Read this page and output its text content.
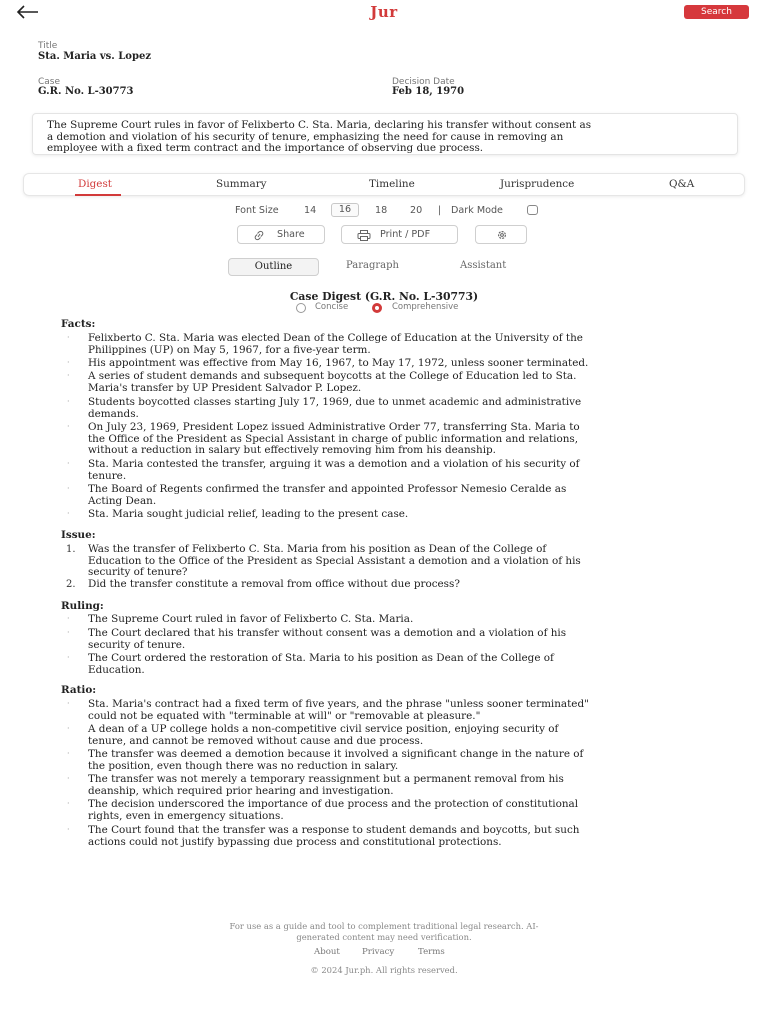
Jur	Search
Title
Sta. Maria vs. Lopez
Case
G.R. No. L-30773
Decision Date
Feb 18, 1970
The Supreme Court rules in favor of Felixberto C. Sta. Maria, declaring his transfer without consent as
a demotion and violation of his security of tenure, emphasizing the need for cause in removing an
employee with a fixed term contract and the importance of observing due process.
Digest	Summary	Timeline	Jurisprudence	Q&A
Font Size	14	16	18 20 | Dark Mode
Share	Print / PDF
Outline	Paragraph	Assistant
Case Digest (G.R. No. L-30773)
Concise	Comprehensive
Facts:
· Felixberto C. Sta. Maria was elected Dean of the College of Education at the University of the
Philippines (UP) on May 5, 1967, for a five-year term.
· His appointment was effective from May 16, 1967, to May 17, 1972, unless sooner terminated.
· A series of student demands and subsequent boycotts at the College of Education led to Sta.
Maria's transfer by UP President Salvador P. Lopez.
· Students boycotted classes starting July 17, 1969, due to unmet academic and administrative
demands.
· On July 23, 1969, President Lopez issued Administrative Order 77, transferring Sta. Maria to
the Office of the President as Special Assistant in charge of public information and relations,
without a reduction in salary but effectively removing him from his deanship.
· Sta. Maria contested the transfer, arguing it was a demotion and a violation of his security of
tenure.
· The Board of Regents confirmed the transfer and appointed Professor Nemesio Ceralde as
Acting Dean.
· Sta. Maria sought judicial relief, leading to the present case.
Issue:
1. Was the transfer of Felixberto C. Sta. Maria from his position as Dean of the College of
Education to the Office of the President as Special Assistant a demotion and a violation of his
security of tenure?
2. Did the transfer constitute a removal from office without due process?
Ruling:
· The Supreme Court ruled in favor of Felixberto C. Sta. Maria.
· The Court declared that his transfer without consent was a demotion and a violation of his
security of tenure.
· The Court ordered the restoration of Sta. Maria to his position as Dean of the College of
Education.
Ratio:
· Sta. Maria's contract had a fixed term of five years, and the phrase "unless sooner terminated"
could not be equated with "terminable at will" or "removable at pleasure."
· A dean of a UP college holds a non-competitive civil service position, enjoying security of
tenure, and cannot be removed without cause and due process.
· The transfer was deemed a demotion because it involved a significant change in the nature of
the position, even though there was no reduction in salary.
· The transfer was not merely a temporary reassignment but a permanent removal from his
deanship, which required prior hearing and investigation.
· The decision underscored the importance of due process and the protection of constitutional
rights, even in emergency situations.
· The Court found that the transfer was a response to student demands and boycotts, but such
actions could not justify bypassing due process and constitutional protections.
For use as a guide and tool to complement traditional legal research. AI-
generated content may need verification.
About	Privacy	Terms
© 2024 Jur.ph. All rights reserved.
